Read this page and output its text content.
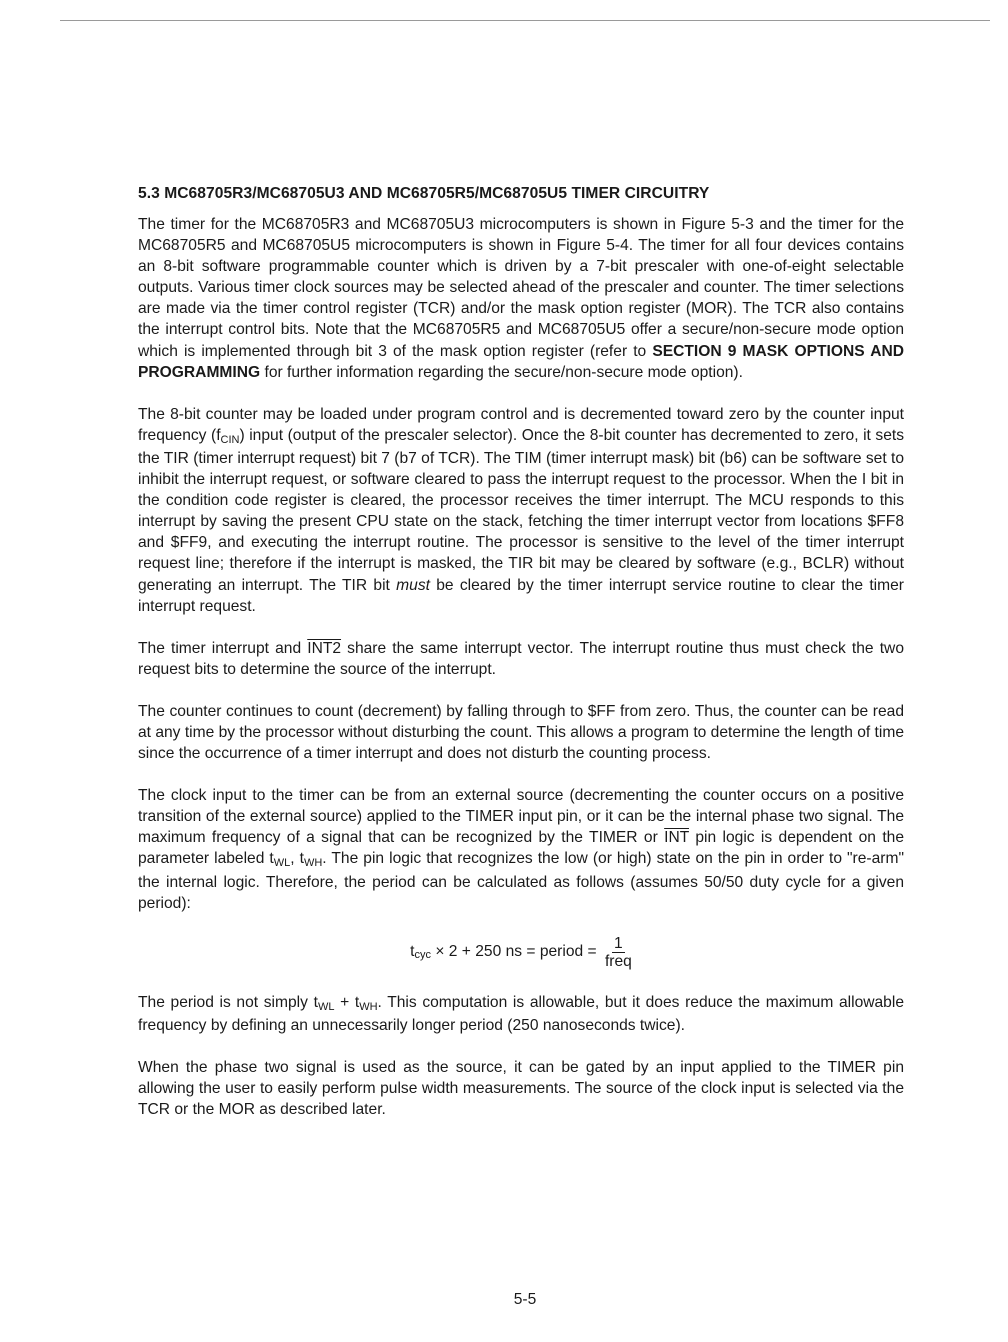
5.3 MC68705R3/MC68705U3 AND MC68705R5/MC68705U5 TIMER CIRCUITRY

The timer for the MC68705R3 and MC68705U3 microcomputers is shown in Figure 5-3 and the timer for the MC68705R5 and MC68705U5 microcomputers is shown in Figure 5-4. The timer for all four devices contains an 8-bit software programmable counter which is driven by a 7-bit prescaler with one-of-eight selectable outputs. Various timer clock sources may be selected ahead of the prescaler and counter. The timer selections are made via the timer control register (TCR) and/or the mask option register (MOR). The TCR also contains the interrupt control bits. Note that the MC68705R5 and MC68705U5 offer a secure/non-secure mode option which is implemented through bit 3 of the mask option register (refer to SECTION 9 MASK OPTIONS AND PROGRAMMING for further information regarding the secure/non-secure mode option).

The 8-bit counter may be loaded under program control and is decremented toward zero by the counter input frequency (fCIN) input (output of the prescaler selector). Once the 8-bit counter has decremented to zero, it sets the TIR (timer interrupt request) bit 7 (b7 of TCR). The TIM (timer interrupt mask) bit (b6) can be software set to inhibit the interrupt request, or software cleared to pass the interrupt request to the processor. When the I bit in the condition code register is cleared, the processor receives the timer interrupt. The MCU responds to this interrupt by saving the present CPU state on the stack, fetching the timer interrupt vector from locations $FF8 and $FF9, and executing the interrupt routine. The processor is sensitive to the level of the timer interrupt request line; therefore if the interrupt is masked, the TIR bit may be cleared by software (e.g., BCLR) without generating an interrupt. The TIR bit must be cleared by the timer interrupt service routine to clear the timer interrupt request.

The timer interrupt and INT2 share the same interrupt vector. The interrupt routine thus must check the two request bits to determine the source of the interrupt.

The counter continues to count (decrement) by falling through to $FF from zero. Thus, the counter can be read at any time by the processor without disturbing the count. This allows a program to determine the length of time since the occurrence of a timer interrupt and does not disturb the counting process.

The clock input to the timer can be from an external source (decrementing the counter occurs on a positive transition of the external source) applied to the TIMER input pin, or it can be the internal phase two signal. The maximum frequency of a signal that can be recognized by the TIMER or $\overline{INT}$ pin logic is dependent on the parameter labeled tWL, tWH. The pin logic that recognizes the low (or high) state on the pin in order to "re-arm" the internal logic. Therefore, the period can be calculated as follows (assumes 50/50 duty cycle for a given period):

t cyc × 2 + 250 ns = period = $\frac{1}{\text{freq}}$

The period is not simply tWL + tWH. This computation is allowable, but it does reduce the maximum allowable frequency by defining an unnecessarily longer period (250 nanoseconds twice).

When the phase two signal is used as the source, it can be gated by an input applied to the TIMER pin allowing the user to easily perform pulse width measurements. The source of the clock input is selected via the TCR or the MOR as described later.

5-5
